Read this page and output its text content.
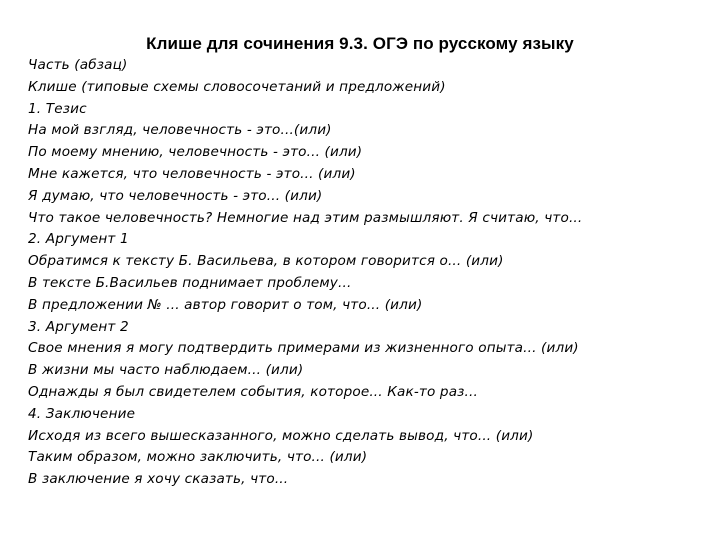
Клише для сочинения 9.3. ОГЭ по русскому языку
Часть (абзац)
Клише (типовые схемы словосочетаний и предложений)
1. Тезис
На мой взгляд, человечность - это...(или)
По моему мнению, человечность - это... (или)
Мне кажется, что человечность - это... (или)
Я думаю, что человечность - это... (или)
Что такое человечность? Немногие над этим размышляют. Я считаю, что...
2. Аргумент 1
Обратимся к тексту Б. Васильева, в котором говорится о... (или)
В тексте Б.Васильев поднимает проблему...
В предложении № ... автор говорит о том, что... (или)
3. Аргумент 2
Свое мнения я могу подтвердить примерами из жизненного опыта... (или)
В жизни мы часто наблюдаем... (или)
Однажды я был свидетелем события, которое... Как-то раз...
4. Заключение
Исходя из всего вышесказанного, можно сделать вывод, что... (или)
Таким образом, можно заключить, что... (или)
В заключение я хочу сказать, что...
